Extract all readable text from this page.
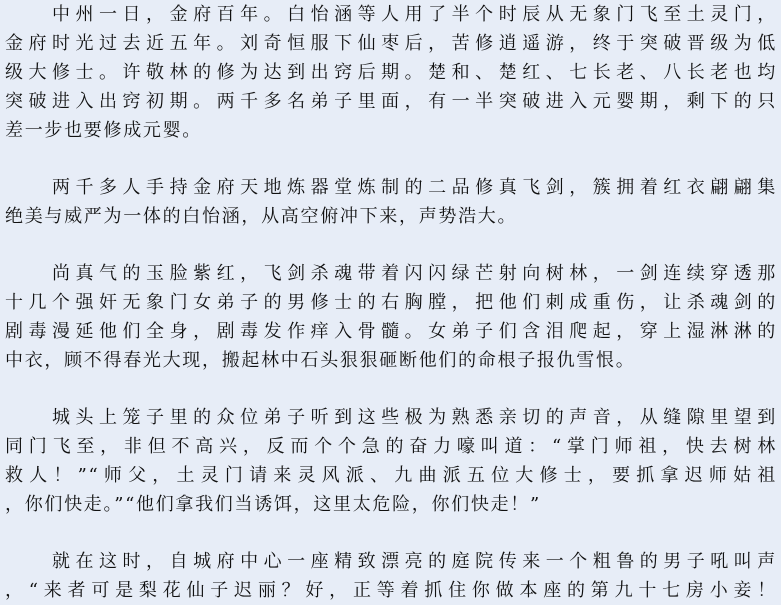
　　中州一日，金府百年。白怡涵等人用了半个时辰从无象门飞至土灵门，
金府时光过去近五年。刘奇恒服下仙枣后，苦修逍遥游，终于突破晋级为低
级大修士。许敬林的修为达到出窍后期。楚和、楚红、七长老、八长老也均
突破进入出窍初期。两千多名弟子里面，有一半突破进入元婴期，剩下的只
差一步也要修成元婴。
　　两千多人手持金府天地炼器堂炼制的二品修真飞剑，簇拥着红衣翩翩集
绝美与威严为一体的白怡涵，从高空俯冲下来，声势浩大。
　　尚真气的玉脸紫红，飞剑杀魂带着闪闪绿芒射向树林，一剑连续穿透那
十几个强奸无象门女弟子的男修士的右胸膛，把他们刺成重伤，让杀魂剑的
剧毒漫延他们全身，剧毒发作痒入骨髓。女弟子们含泪爬起，穿上湿淋淋的
中衣，顾不得春光大现，搬起林中石头狠狠砸断他们的命根子报仇雪恨。
　　城头上笼子里的众位弟子听到这些极为熟悉亲切的声音，从缝隙里望到
同门飞至，非但不高兴，反而个个急的奋力嚎叫道：“掌门师祖，快去树林
救人！”“师父，土灵门请来灵风派、九曲派五位大修士，要抓拿迟师姑祖
，你们快走。”“他们拿我们当诱饵，这里太危险，你们快走！”
　　就在这时，自城府中心一座精致漂亮的庭院传来一个粗鲁的男子吼叫声
，“来者可是梨花仙子迟丽？好，正等着抓住你做本座的第九十七房小妾！
